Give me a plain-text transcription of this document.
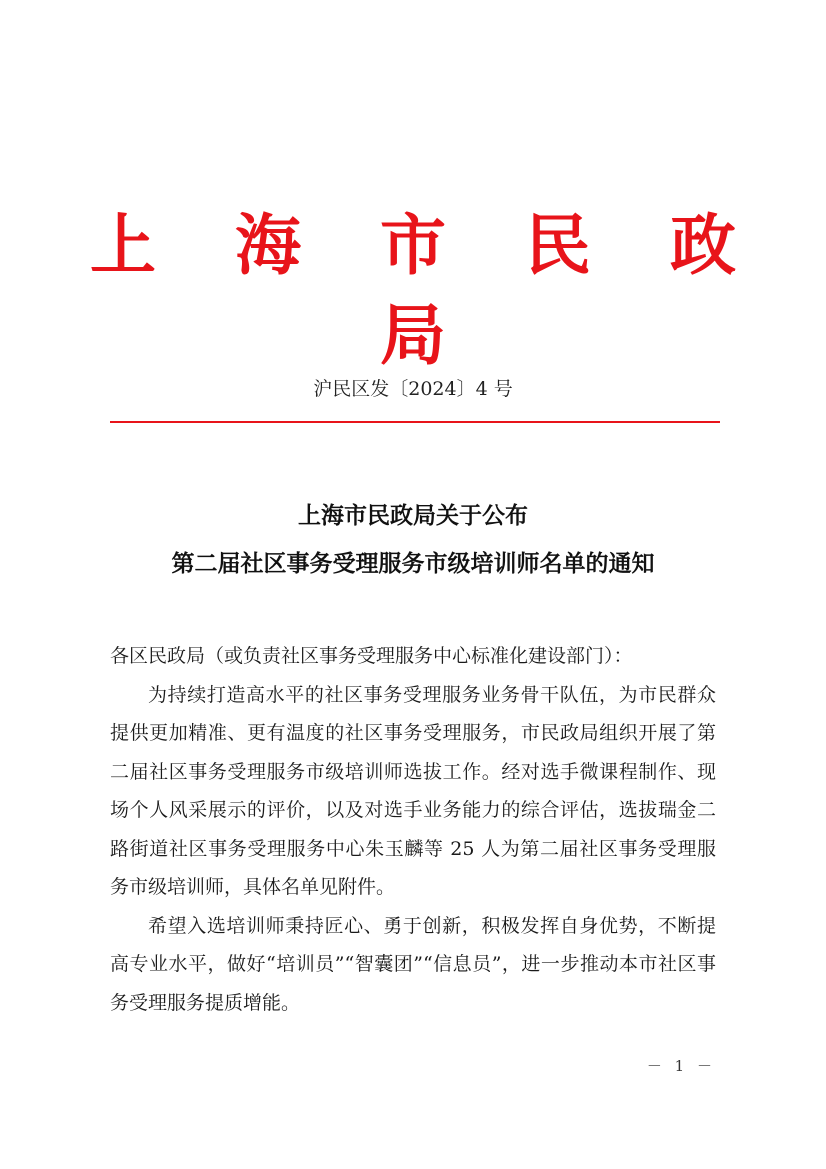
上 海 市 民 政 局
沪民区发〔2024〕4 号
上海市民政局关于公布
第二届社区事务受理服务市级培训师名单的通知

各区民政局（或负责社区事务受理服务中心标准化建设部门）：

为持续打造高水平的社区事务受理服务业务骨干队伍，为市民群众提供更加精准、更有温度的社区事务受理服务，市民政局组织开展了第二届社区事务受理服务市级培训师选拔工作。经对选手微课程制作、现场个人风采展示的评价，以及对选手业务能力的综合评估，选拔瑞金二路街道社区事务受理服务中心朱玉麟等 25 人为第二届社区事务受理服务市级培训师，具体名单见附件。

希望入选培训师秉持匠心、勇于创新，积极发挥自身优势，不断提高专业水平，做好“培训员”“智囊团”“信息员”，进一步推动本市社区事务受理服务提质增能。

－ 1 －
